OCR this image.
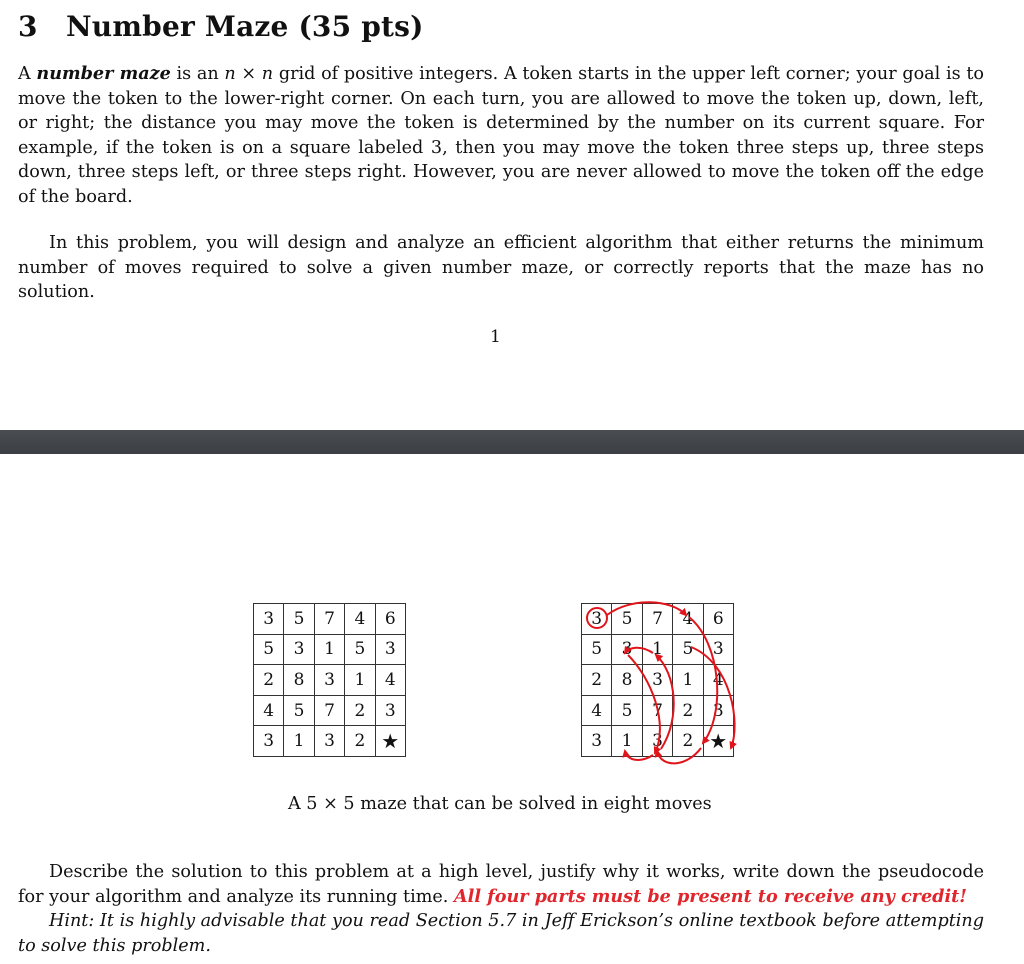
3 Number Maze (35 pts)

A number maze is an n × n grid of positive integers. A token starts in the upper left corner; your goal is to move the token to the lower-right corner. On each turn, you are allowed to move the token up, down, left, or right; the distance you may move the token is determined by the number on its current square. For example, if the token is on a square labeled 3, then you may move the token three steps up, three steps down, three steps left, or three steps right. However, you are never allowed to move the token off the edge of the board.

In this problem, you will design and analyze an efficient algorithm that either returns the minimum number of moves required to solve a given number maze, or correctly reports that the maze has no solution.

1
3	5	7	4	6
5	3	1	5	3
2	8	3	1	4
4	5	7	2	3
3	1	3	2	★
3	5	7	4	6
5	3	1	5	3
2	8	3	1	4
4	5	7	2	3
3	1	3	2	★

A 5 × 5 maze that can be solved in eight moves

Describe the solution to this problem at a high level, justify why it works, write down the pseudocode for your algorithm and analyze its running time. All four parts must be present to receive any credit!
Hint: It is highly advisable that you read Section 5.7 in Jeff Erickson’s online textbook before attempting to solve this problem.
